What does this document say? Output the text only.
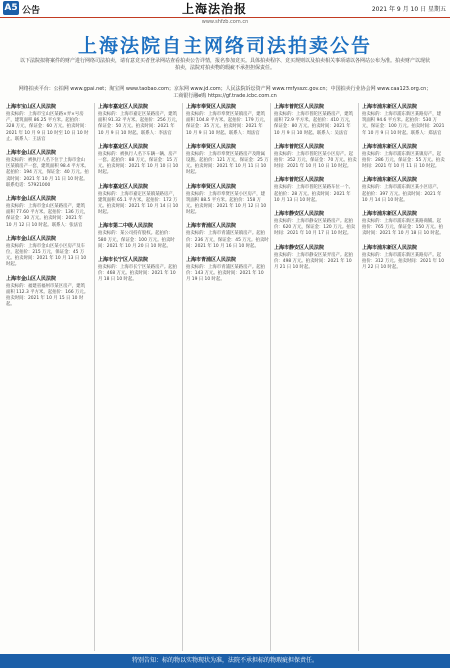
A5 公告	上海法治报	2021 年 9 月 10 日 星期五
www.shfzb.com.cn
上海法院自主网络司法拍卖公告
以下法院拟将案件的财产进行网络司法拍卖，请有意竞买者登录网站查看拍卖公告详情，报名参加竞买。具体拍卖程序、竞买规则以及拍卖相关事项请以各网站公布为准。拍卖财产以现状拍卖，法院对拍卖物的瑕疵不承担担保责任。
网络拍卖平台：公拍网 www.gpai.net；淘宝网 www.taobao.com；京东网 www.jd.com；人民法院诉讼资产网 www.rmfysszc.gov.cn；中国拍卖行业协会网 www.caa123.org.cn；工商银行融e购 https://gf.trade.icbc.com.cn
上海市宝山区人民法院
拍卖标的：上海市宝山区某路×弄×号房产，建筑面积 86.25 平方米。起拍价：328 万元，保证金：60 万元。拍卖时间：2021 年 10 月 9 日 10 时至 10 日 10 时止。联系人：王法官
上海市金山区人民法院
拍卖标的：被执行人名下位于上海市金山区某镇房产一套，建筑面积 98.4 平方米。起拍价：194 万元，保证金：40 万元。拍卖时间：2021 年 10 月 11 日 10 时起。联系电话：57921000
上海市金山区人民法院
拍卖标的：上海市金山区某路房产，建筑面积 77.60 平方米。起拍价：136 万元，保证金：30 万元。拍卖时间：2021 年 10 月 12 日 10 时起。联系人：张法官
上海市金山区人民法院
拍卖标的：上海市金山区某小区房产及车位，起拍价：215 万元，保证金：45 万元。拍卖时间：2021 年 10 月 13 日 10 时起。
上海市金山区人民法院
拍卖标的：福建省福州市某区房产，建筑面积 112.3 平方米。起拍价：166 万元。拍卖时间：2021 年 10 月 15 日 10 时起。
上海市嘉定区人民法院
拍卖标的：上海市嘉定区某路房产，建筑面积 91.32 平方米。起拍价：256 万元，保证金：50 万元。拍卖时间：2021 年 10 月 9 日 10 时起。联系人：李法官
上海市嘉定区人民法院
拍卖标的：被执行人名下车辆一辆、房产一套。起拍价：88 万元，保证金：15 万元。拍卖时间：2021 年 10 月 10 日 10 时起。
上海市嘉定区人民法院
拍卖标的：上海市嘉定区某镇某路房产，建筑面积 65.1 平方米。起拍价：172 万元。拍卖时间：2021 年 10 月 14 日 10 时起。
上海市第二中级人民法院
拍卖标的：某公司持有股权。起拍价：580 万元，保证金：100 万元。拍卖时间：2021 年 10 月 20 日 10 时起。
上海市长宁区人民法院
拍卖标的：上海市长宁区某路房产。起拍价：468 万元。拍卖时间：2021 年 10 月 18 日 10 时起。
上海市奉贤区人民法院
拍卖标的：上海市奉贤区某镇房产，建筑面积 104.8 平方米。起拍价：179 万元，保证金：35 万元。拍卖时间：2021 年 10 月 9 日 10 时起。联系人：周法官
上海市奉贤区人民法院
拍卖标的：上海市奉贤区某路房产及附属设施。起拍价：121 万元，保证金：25 万元。拍卖时间：2021 年 10 月 11 日 10 时起。
上海市奉贤区人民法院
拍卖标的：上海市奉贤区某小区房产，建筑面积 88.5 平方米。起拍价：158 万元。拍卖时间：2021 年 10 月 12 日 10 时起。
上海市青浦区人民法院
拍卖标的：上海市青浦区某镇房产。起拍价：236 万元，保证金：45 万元。拍卖时间：2021 年 10 月 16 日 10 时起。
上海市青浦区人民法院
拍卖标的：上海市青浦区某路房产。起拍价：143 万元。拍卖时间：2021 年 10 月 19 日 10 时起。
上海市普陀区人民法院
拍卖标的：上海市普陀区某路房产，建筑面积 72.9 平方米。起拍价：410 万元，保证金：80 万元。拍卖时间：2021 年 10 月 9 日 10 时起。联系人：吴法官
上海市普陀区人民法院
拍卖标的：上海市普陀区某小区房产。起拍价：352 万元，保证金：70 万元。拍卖时间：2021 年 10 月 10 日 10 时起。
上海市普陀区人民法院
拍卖标的：上海市普陀区某路车位一个。起拍价：28 万元。拍卖时间：2021 年 10 月 13 日 10 时起。
上海市静安区人民法院
拍卖标的：上海市静安区某路房产。起拍价：620 万元，保证金：120 万元。拍卖时间：2021 年 10 月 17 日 10 时起。
上海市静安区人民法院
拍卖标的：上海市静安区某弄房产。起拍价：498 万元。拍卖时间：2021 年 10 月 21 日 10 时起。
上海市浦东新区人民法院
拍卖标的：上海市浦东新区某路房产，建筑面积 94.6 平方米。起拍价：530 万元，保证金：100 万元。拍卖时间：2021 年 10 月 9 日 10 时起。联系人：郑法官
上海市浦东新区人民法院
拍卖标的：上海市浦东新区某镇房产。起拍价：286 万元，保证金：55 万元。拍卖时间：2021 年 10 月 11 日 10 时起。
上海市浦东新区人民法院
拍卖标的：上海市浦东新区某小区房产。起拍价：397 万元。拍卖时间：2021 年 10 月 14 日 10 时起。
上海市浦东新区人民法院
拍卖标的：上海市浦东新区某路商铺。起拍价：765 万元，保证金：150 万元。拍卖时间：2021 年 10 月 18 日 10 时起。
上海市浦东新区人民法院
拍卖标的：上海市浦东新区某路房产。起拍价：312 万元。拍卖时间：2021 年 10 月 22 日 10 时起。
特别告知：标的物以实物现状为准，法院不承担标的物瑕疵担保责任。
